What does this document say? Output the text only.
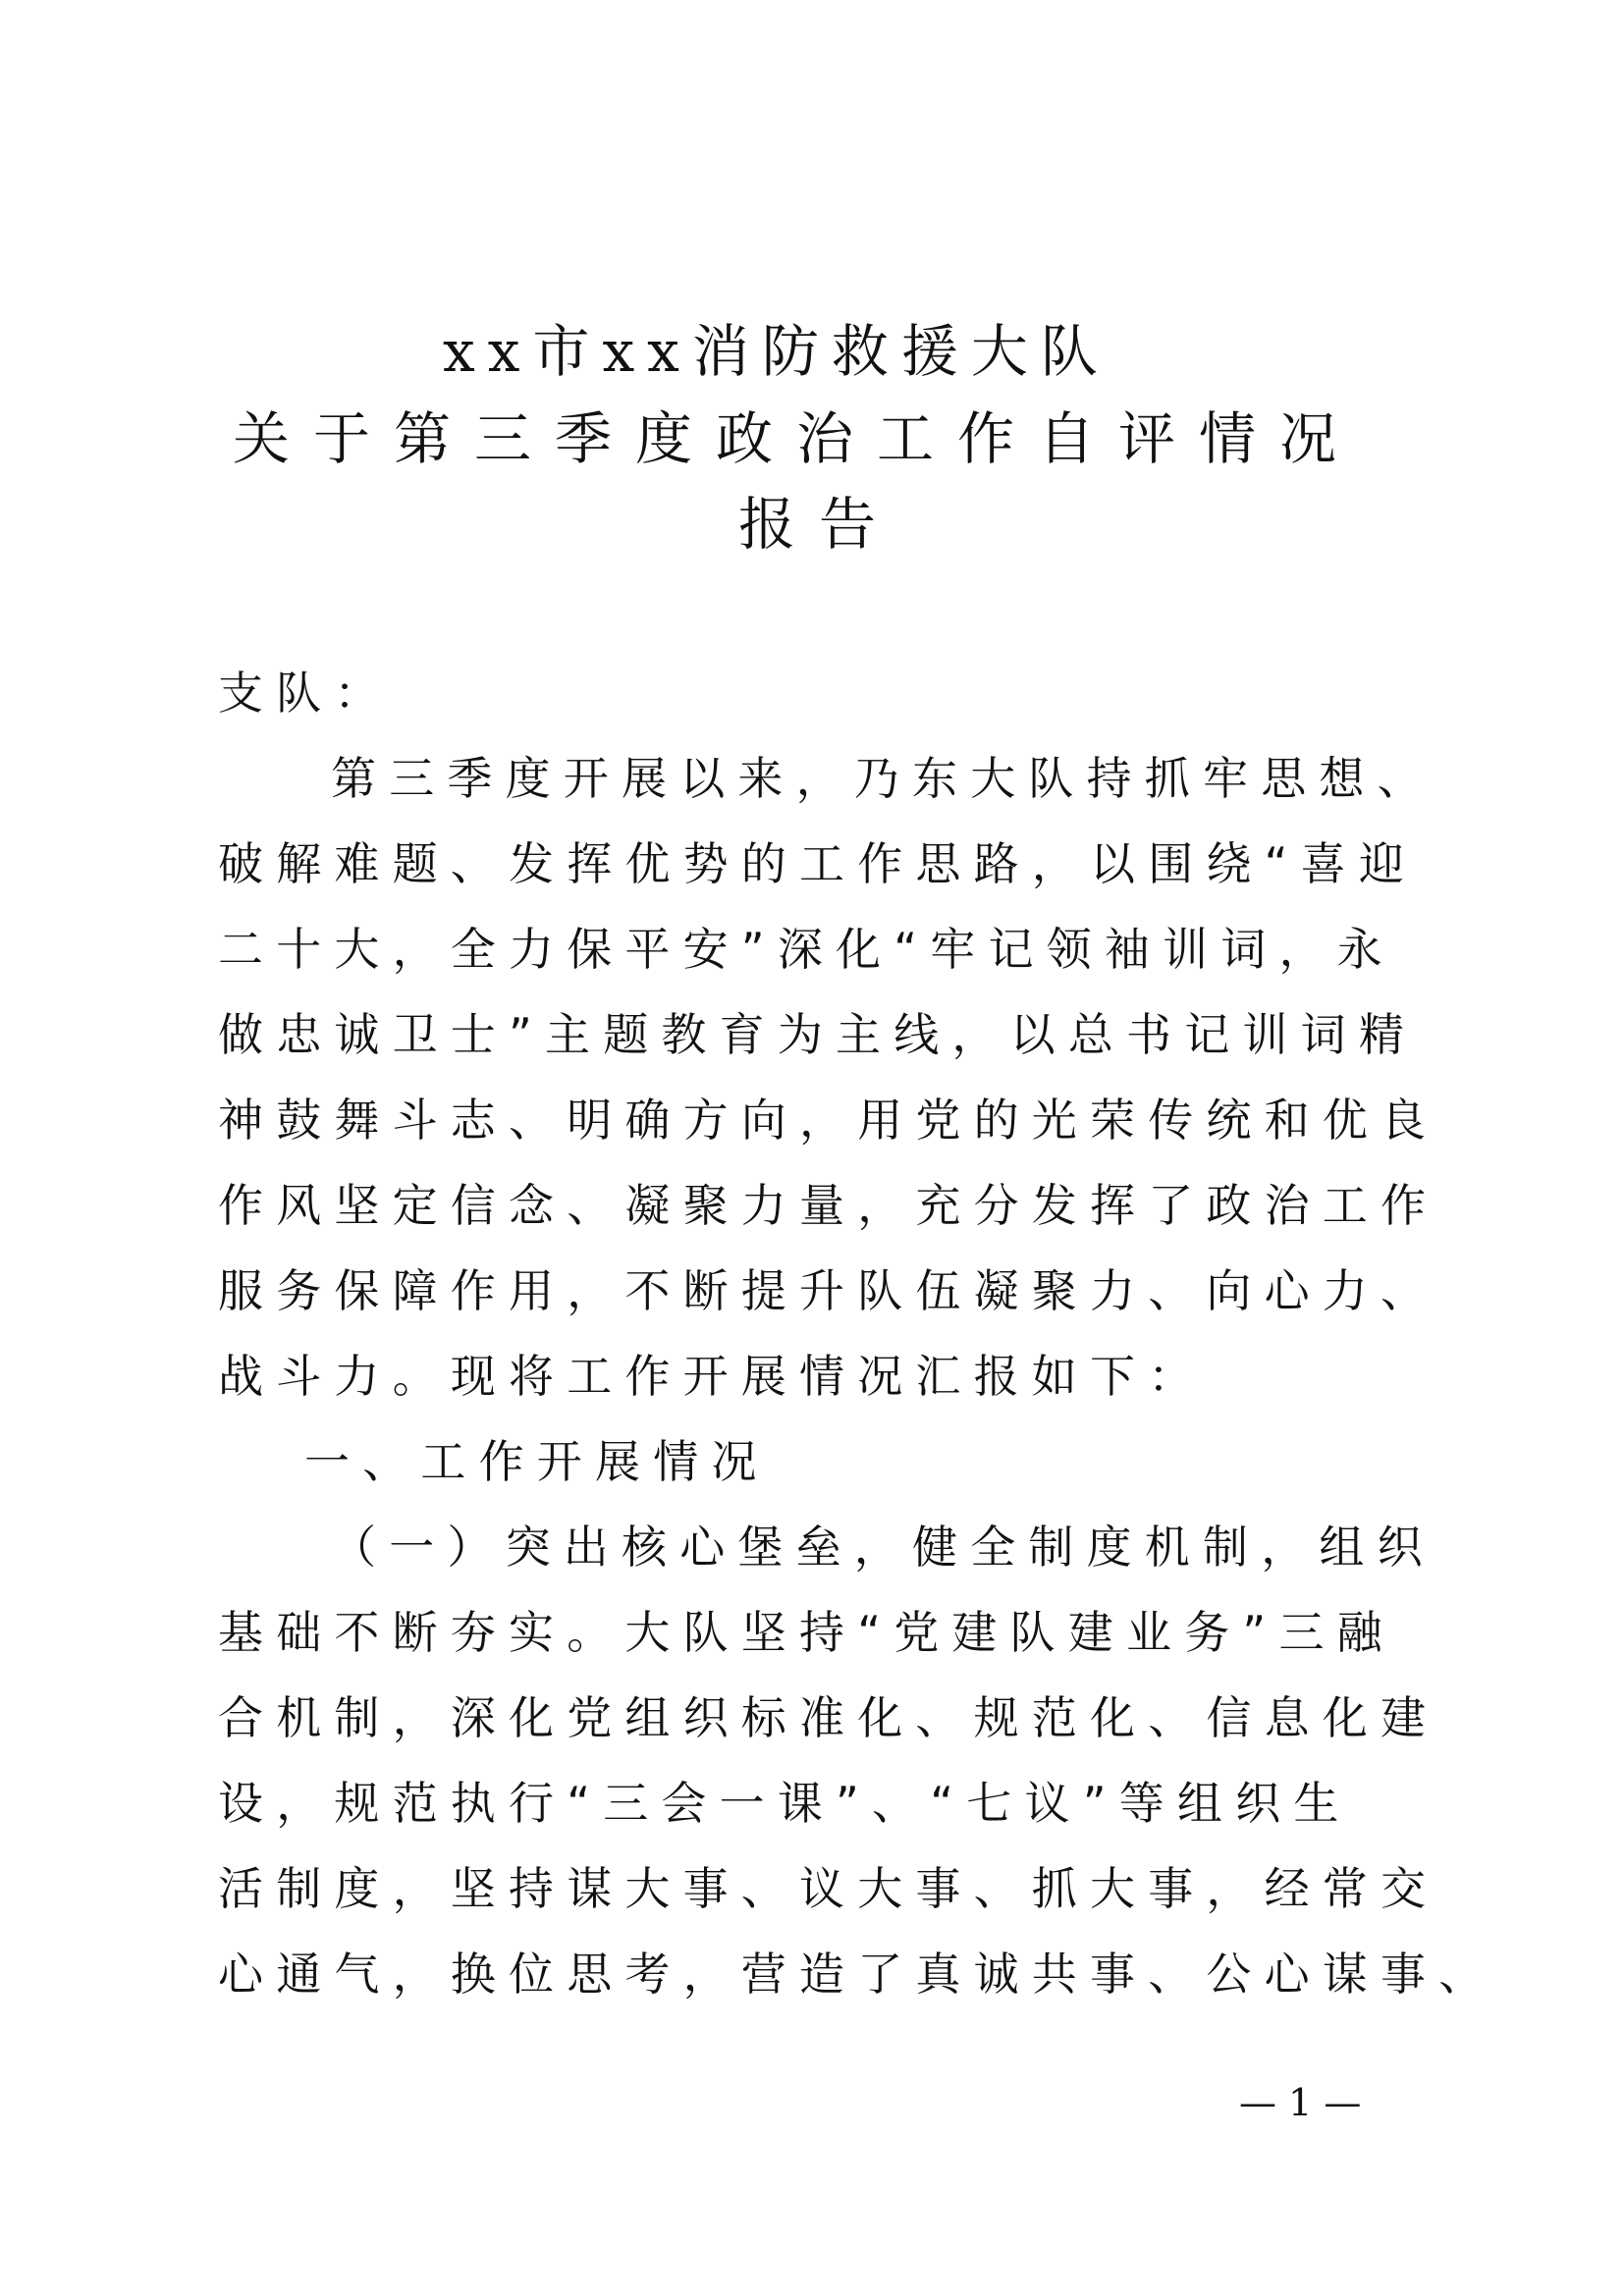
xx市xx消防救援大队
关于第三季度政治工作自评情况
报告
支队：
第三季度开展以来，乃东大队持抓牢思想、
破解难题、发挥优势的工作思路，以围绕“喜迎
二十大，全力保平安”深化“牢记领袖训词，永
做忠诚卫士”主题教育为主线，以总书记训词精
神鼓舞斗志、明确方向，用党的光荣传统和优良
作风坚定信念、凝聚力量，充分发挥了政治工作
服务保障作用，不断提升队伍凝聚力、向心力、
战斗力。现将工作开展情况汇报如下：
一、工作开展情况
（一）突出核心堡垒，健全制度机制，组织
基础不断夯实。大队坚持“党建队建业务”三融
合机制，深化党组织标准化、规范化、信息化建
设，规范执行“三会一课”、“七议”等组织生
活制度，坚持谋大事、议大事、抓大事，经常交
心通气，换位思考，营造了真诚共事、公心谋事、
— 1 —
